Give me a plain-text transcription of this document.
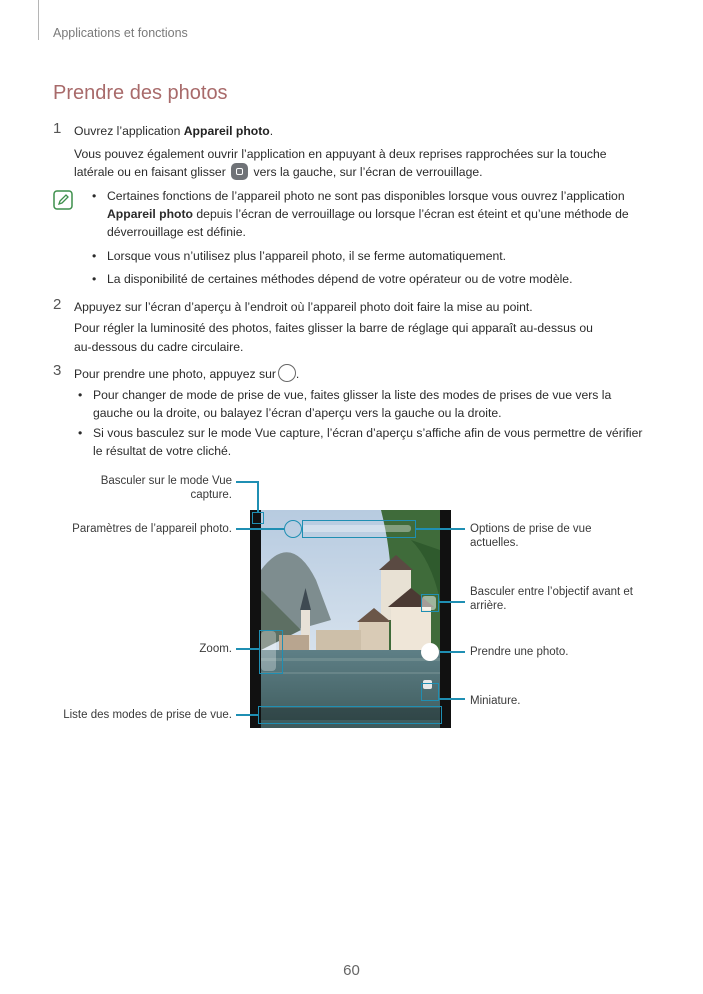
Applications et fonctions
Prendre des photos
1 Ouvrez l’application Appareil photo.
Vous pouvez également ouvrir l’application en appuyant à deux reprises rapprochées sur la touche
latérale ou en faisant glisser vers la gauche, sur l’écran de verrouillage.
• Certaines fonctions de l’appareil photo ne sont pas disponibles lorsque vous ouvrez l’application
Appareil photo depuis l’écran de verrouillage ou lorsque l’écran est éteint et qu’une méthode de
déverrouillage est définie.
• Lorsque vous n’utilisez plus l’appareil photo, il se ferme automatiquement.
• La disponibilité de certaines méthodes dépend de votre opérateur ou de votre modèle.
2 Appuyez sur l’écran d’aperçu à l’endroit où l’appareil photo doit faire la mise au point.
Pour régler la luminosité des photos, faites glisser la barre de réglage qui apparaît au-dessus ou
au-dessous du cadre circulaire.
3 Pour prendre une photo, appuyez sur .
• Pour changer de mode de prise de vue, faites glisser la liste des modes de prises de vue vers la
gauche ou la droite, ou balayez l’écran d’aperçu vers la gauche ou la droite.
• Si vous basculez sur le mode Vue capture, l’écran d’aperçu s’affiche afin de vous permettre de vérifier
le résultat de votre cliché.
Basculer sur le mode Vue
capture.
Paramètres de l’appareil photo.	Options de prise de vue
actuelles.
Basculer entre l’objectif avant et
arrière.
Zoom.	Prendre une photo.
Miniature.
Liste des modes de prise de vue.
60
